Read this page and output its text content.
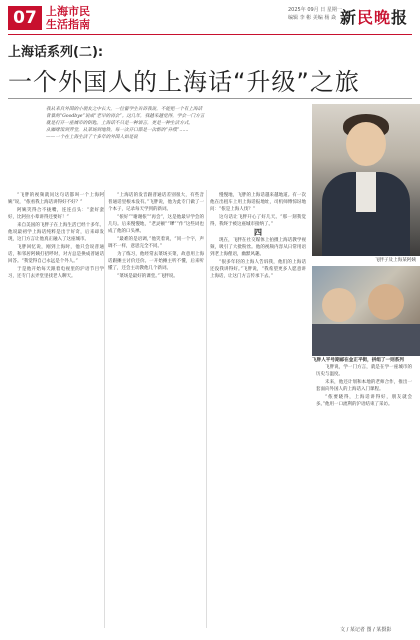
07 上海市民
生活指南
2025年 09月 日 星期一
编辑 李 彬 美编 杨 焱 新民晚报
上海话系列(二):
一个外国人的上海话“升级”之旅

我从来自外国的小朋友之中长大，一位留学生告诉我说，不能把一个有上海话

背景的“Goodbye”说成“老早的再会”。这几年，我越来越觉得，学会一门方言

就是打开一座城市的钥匙。上海话不只是一种语言，更是一种生活方式。

从咖啡馆到弄堂，从菜场到地铁，每一次开口都是一次新的“升级”……

——一个在上海生活了十多年的外国人如是说

飞胖子及上海某阿姨
飞胖人平号期邮在金正平街，拼组了一则系列

“飞胖的视频就问这句话都叫一个上海阿姨”说，“侬看我上海话讲得好不好？”

阿姨笑得合不拢嘴，连连点头：“蛮好蛮好，比阿拉小辈讲得还要好！”

来自美国的飞胖子在上海生活已经十多年。他说最初学上海话纯粹是出于好奇，后来却发现，这门方言让他真正融入了这座城市。

飞胖回忆说，刚到上海时，他只会说普通话，和邻居阿姨打招呼时，对方总是换成普通话回答。“我觉得自己永远是个外人。”

于是他开始每天跟着电视里的沪语节目学习，还专门去弄堂里找老人聊天。

“上海话的发音跟普通话差别很大，有些音普通话里根本没有。”飞胖说，他为此专门做了一个本子，记录每天学到的新词。

“侬好”“谢谢侬”“再会”，这是他最早学会的几句。后来慢慢地，“老灵额”“嗲”“作”这些词也成了他的口头禅。

“最难的是语调，”他笑着说，“同一个字，声调不一样，意思完全不同。”

为了练习，他经常去菜场买菜，故意用上海话跟摊主讨价还价。一开始摊主听不懂，后来听懂了，还会主动教他几个新词。

“菜场是最好的课堂。”飞胖说。

慢慢地，飞胖的上海话越来越地道。有一次他在出租车上用上海话报地址，司机师傅惊讶地问：“侬是上海人伐？”

这句话让飞胖开心了好几天。“那一刻我觉得，我终于被这座城市接纳了。”

四

现在，飞胖在社交媒体上拍摄上海话教学视频，吸引了大批粉丝。他的视频内容从日常用语到老上海俚语，幽默风趣。

“很多年轻的上海人告诉我，他们的上海话还没我讲得好。”飞胖说，“我希望更多人愿意讲上海话，让这门方言传承下去。”

飞胖说，学一门方言，就是在学一座城市的历史与温度。

未来，他还计划和本地的老师合作，推出一套面向外国人的上海话入门课程。

“侬要晓得，上海话讲得好，朋友就会多。”他用一口流利的沪语结束了采访。

文 / 某记者 图 / 某摄影
